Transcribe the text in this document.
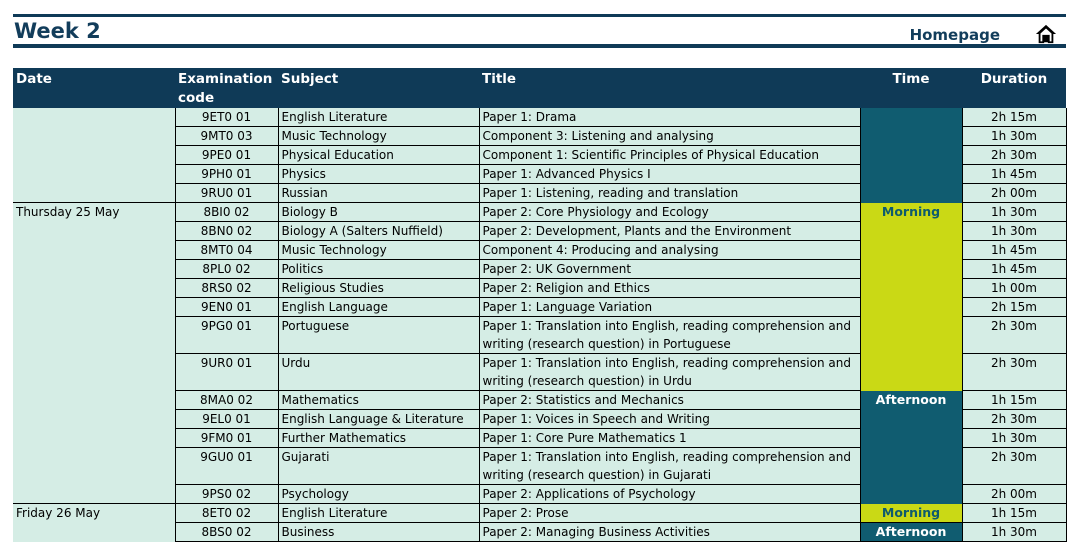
Week 2	Homepage
Date	Examination code	Subject	Title	Time	Duration
	9ET0 01	English Literature	Paper 1: Drama		2h 15m
	9MT0 03	Music Technology	Component 3: Listening and analysing		1h 30m
	9PE0 01	Physical Education	Component 1: Scientific Principles of Physical Education		2h 30m
	9PH0 01	Physics	Paper 1: Advanced Physics I		1h 45m
	9RU0 01	Russian	Paper 1: Listening, reading and translation		2h 00m
Thursday 25 May	8BI0 02	Biology B	Paper 2: Core Physiology and Ecology	Morning	1h 30m
	8BN0 02	Biology A (Salters Nuffield)	Paper 2: Development, Plants and the Environment		1h 30m
	8MT0 04	Music Technology	Component 4: Producing and analysing		1h 45m
	8PL0 02	Politics	Paper 2: UK Government		1h 45m
	8RS0 02	Religious Studies	Paper 2: Religion and Ethics		1h 00m
	9EN0 01	English Language	Paper 1: Language Variation		2h 15m
	9PG0 01	Portuguese	Paper 1: Translation into English, reading comprehension and writing (research question) in Portuguese		2h 30m
	9UR0 01	Urdu	Paper 1: Translation into English, reading comprehension and writing (research question) in Urdu		2h 30m
	8MA0 02	Mathematics	Paper 2: Statistics and Mechanics	Afternoon	1h 15m
	9EL0 01	English Language & Literature	Paper 1: Voices in Speech and Writing		2h 30m
	9FM0 01	Further Mathematics	Paper 1: Core Pure Mathematics 1		1h 30m
	9GU0 01	Gujarati	Paper 1: Translation into English, reading comprehension and writing (research question) in Gujarati		2h 30m
	9PS0 02	Psychology	Paper 2: Applications of Psychology		2h 00m
Friday 26 May	8ET0 02	English Literature	Paper 2: Prose	Morning	1h 15m
	8BS0 02	Business	Paper 2: Managing Business Activities	Afternoon	1h 30m
